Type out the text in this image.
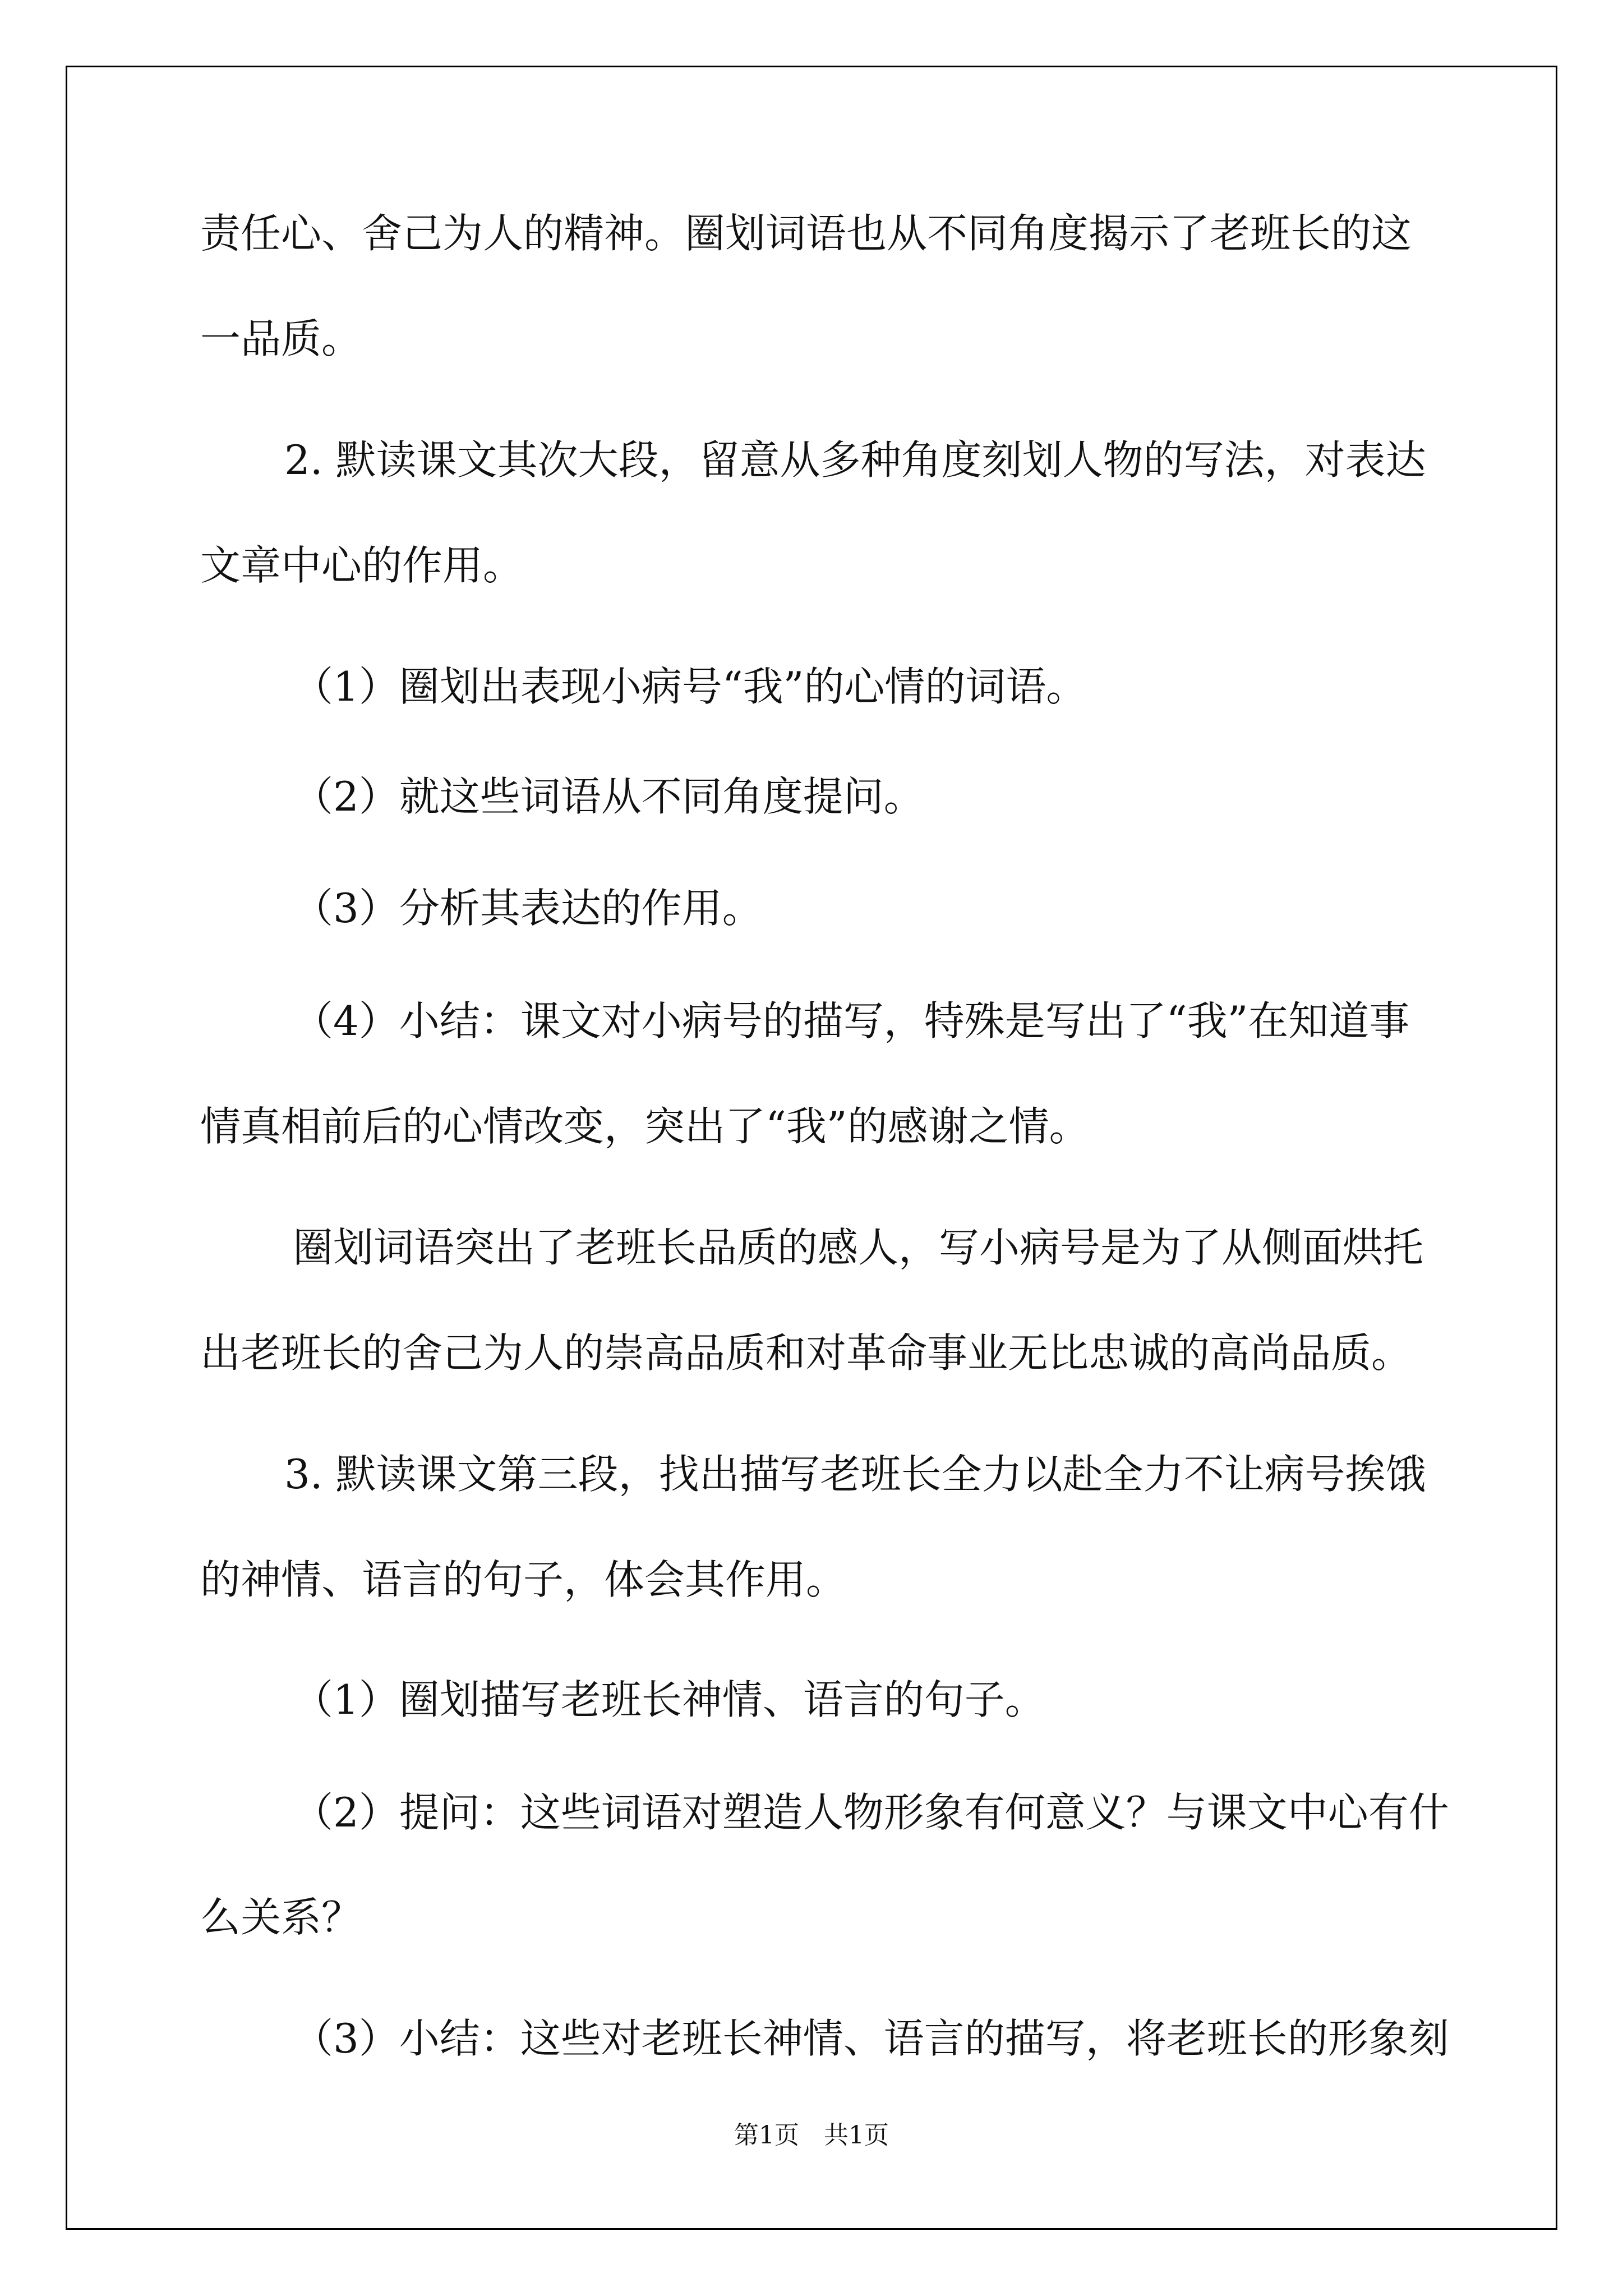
责任心、舍己为人的精神。圈划词语也从不同角度揭示了老班长的这
一品质。
2. 默读课文其次大段，留意从多种角度刻划人物的写法，对表达
文章中心的作用。
（1）圈划出表现小病号“我”的心情的词语。
（2）就这些词语从不同角度提问。
（3）分析其表达的作用。
（4）小结：课文对小病号的描写，特殊是写出了“我”在知道事
情真相前后的心情改变，突出了“我”的感谢之情。
圈划词语突出了老班长品质的感人，写小病号是为了从侧面烘托
出老班长的舍己为人的崇高品质和对革命事业无比忠诚的高尚品质。
3. 默读课文第三段，找出描写老班长全力以赴全力不让病号挨饿
的神情、语言的句子，体会其作用。
（1）圈划描写老班长神情、语言的句子。
（2）提问：这些词语对塑造人物形象有何意义？与课文中心有什
么关系？
（3）小结：这些对老班长神情、语言的描写，将老班长的形象刻
第1页　共1页
